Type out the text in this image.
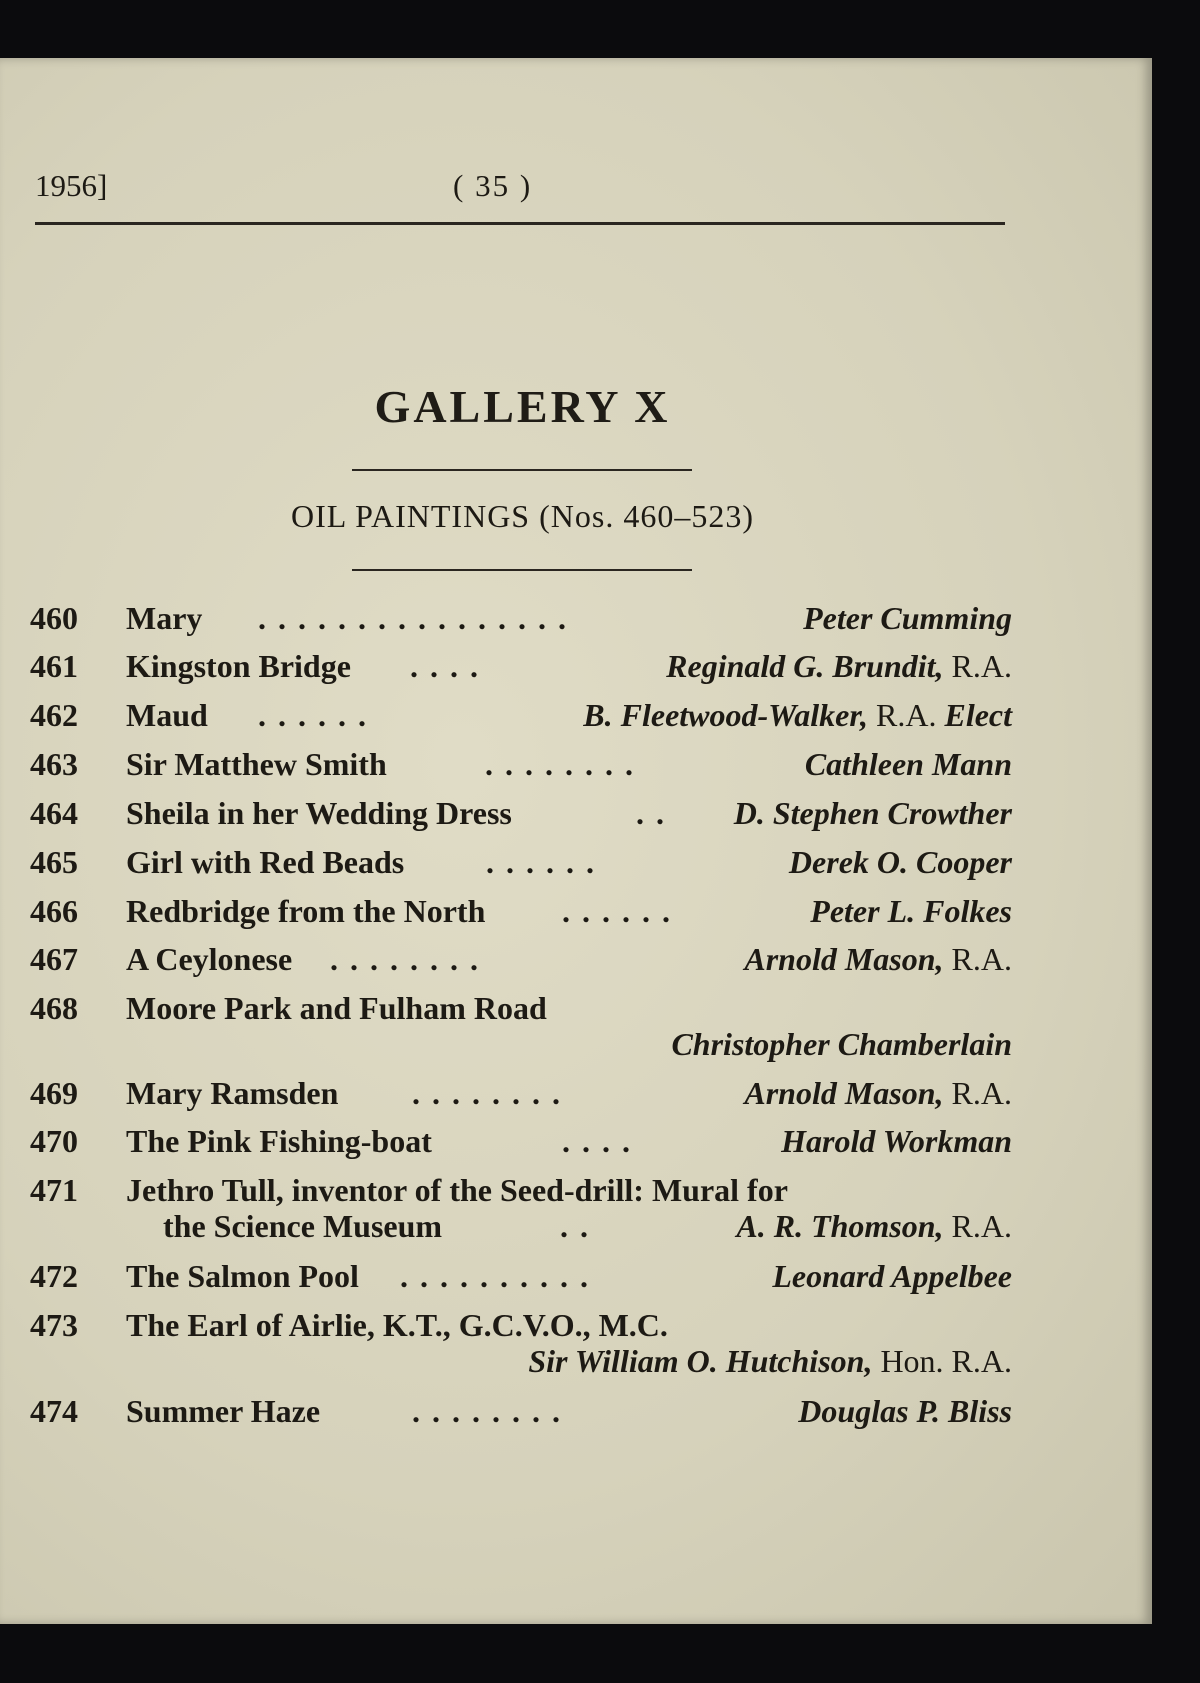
1956]	( 35 )
GALLERY X
OIL PAINTINGS (Nos. 460–523)
460 Mary . . . . . . . . . . . . . . . .	Peter Cumming
461 Kingston Bridge . . . .	Reginald G. Brundit, R.A.
462 Maud . . . . . .	B. Fleetwood-Walker, R.A. Elect
463 Sir Matthew Smith	. . . . . . . .	Cathleen Mann
464 Sheila in her Wedding Dress	. . D. Stephen Crowther
465 Girl with Red Beads	. . . . . .	Derek O. Cooper
466 Redbridge from the North . . . . . .	Peter L. Folkes
467 A Ceylonese . . . . . . . .	Arnold Mason, R.A.
468 Moore Park and Fulham Road
Christopher Chamberlain
469 Mary Ramsden . . . . . . . .	Arnold Mason, R.A.
470 The Pink Fishing-boat	. . . .	Harold Workman
471 Jethro Tull, inventor of the Seed-drill: Mural for
the Science Museum	. .	A. R. Thomson, R.A.
472 The Salmon Pool . . . . . . . . . .	Leonard Appelbee
473 The Earl of Airlie, K.T., G.C.V.O., M.C.
Sir William O. Hutchison, Hon. R.A.
474 Summer Haze	. . . . . . . .	Douglas P. Bliss
